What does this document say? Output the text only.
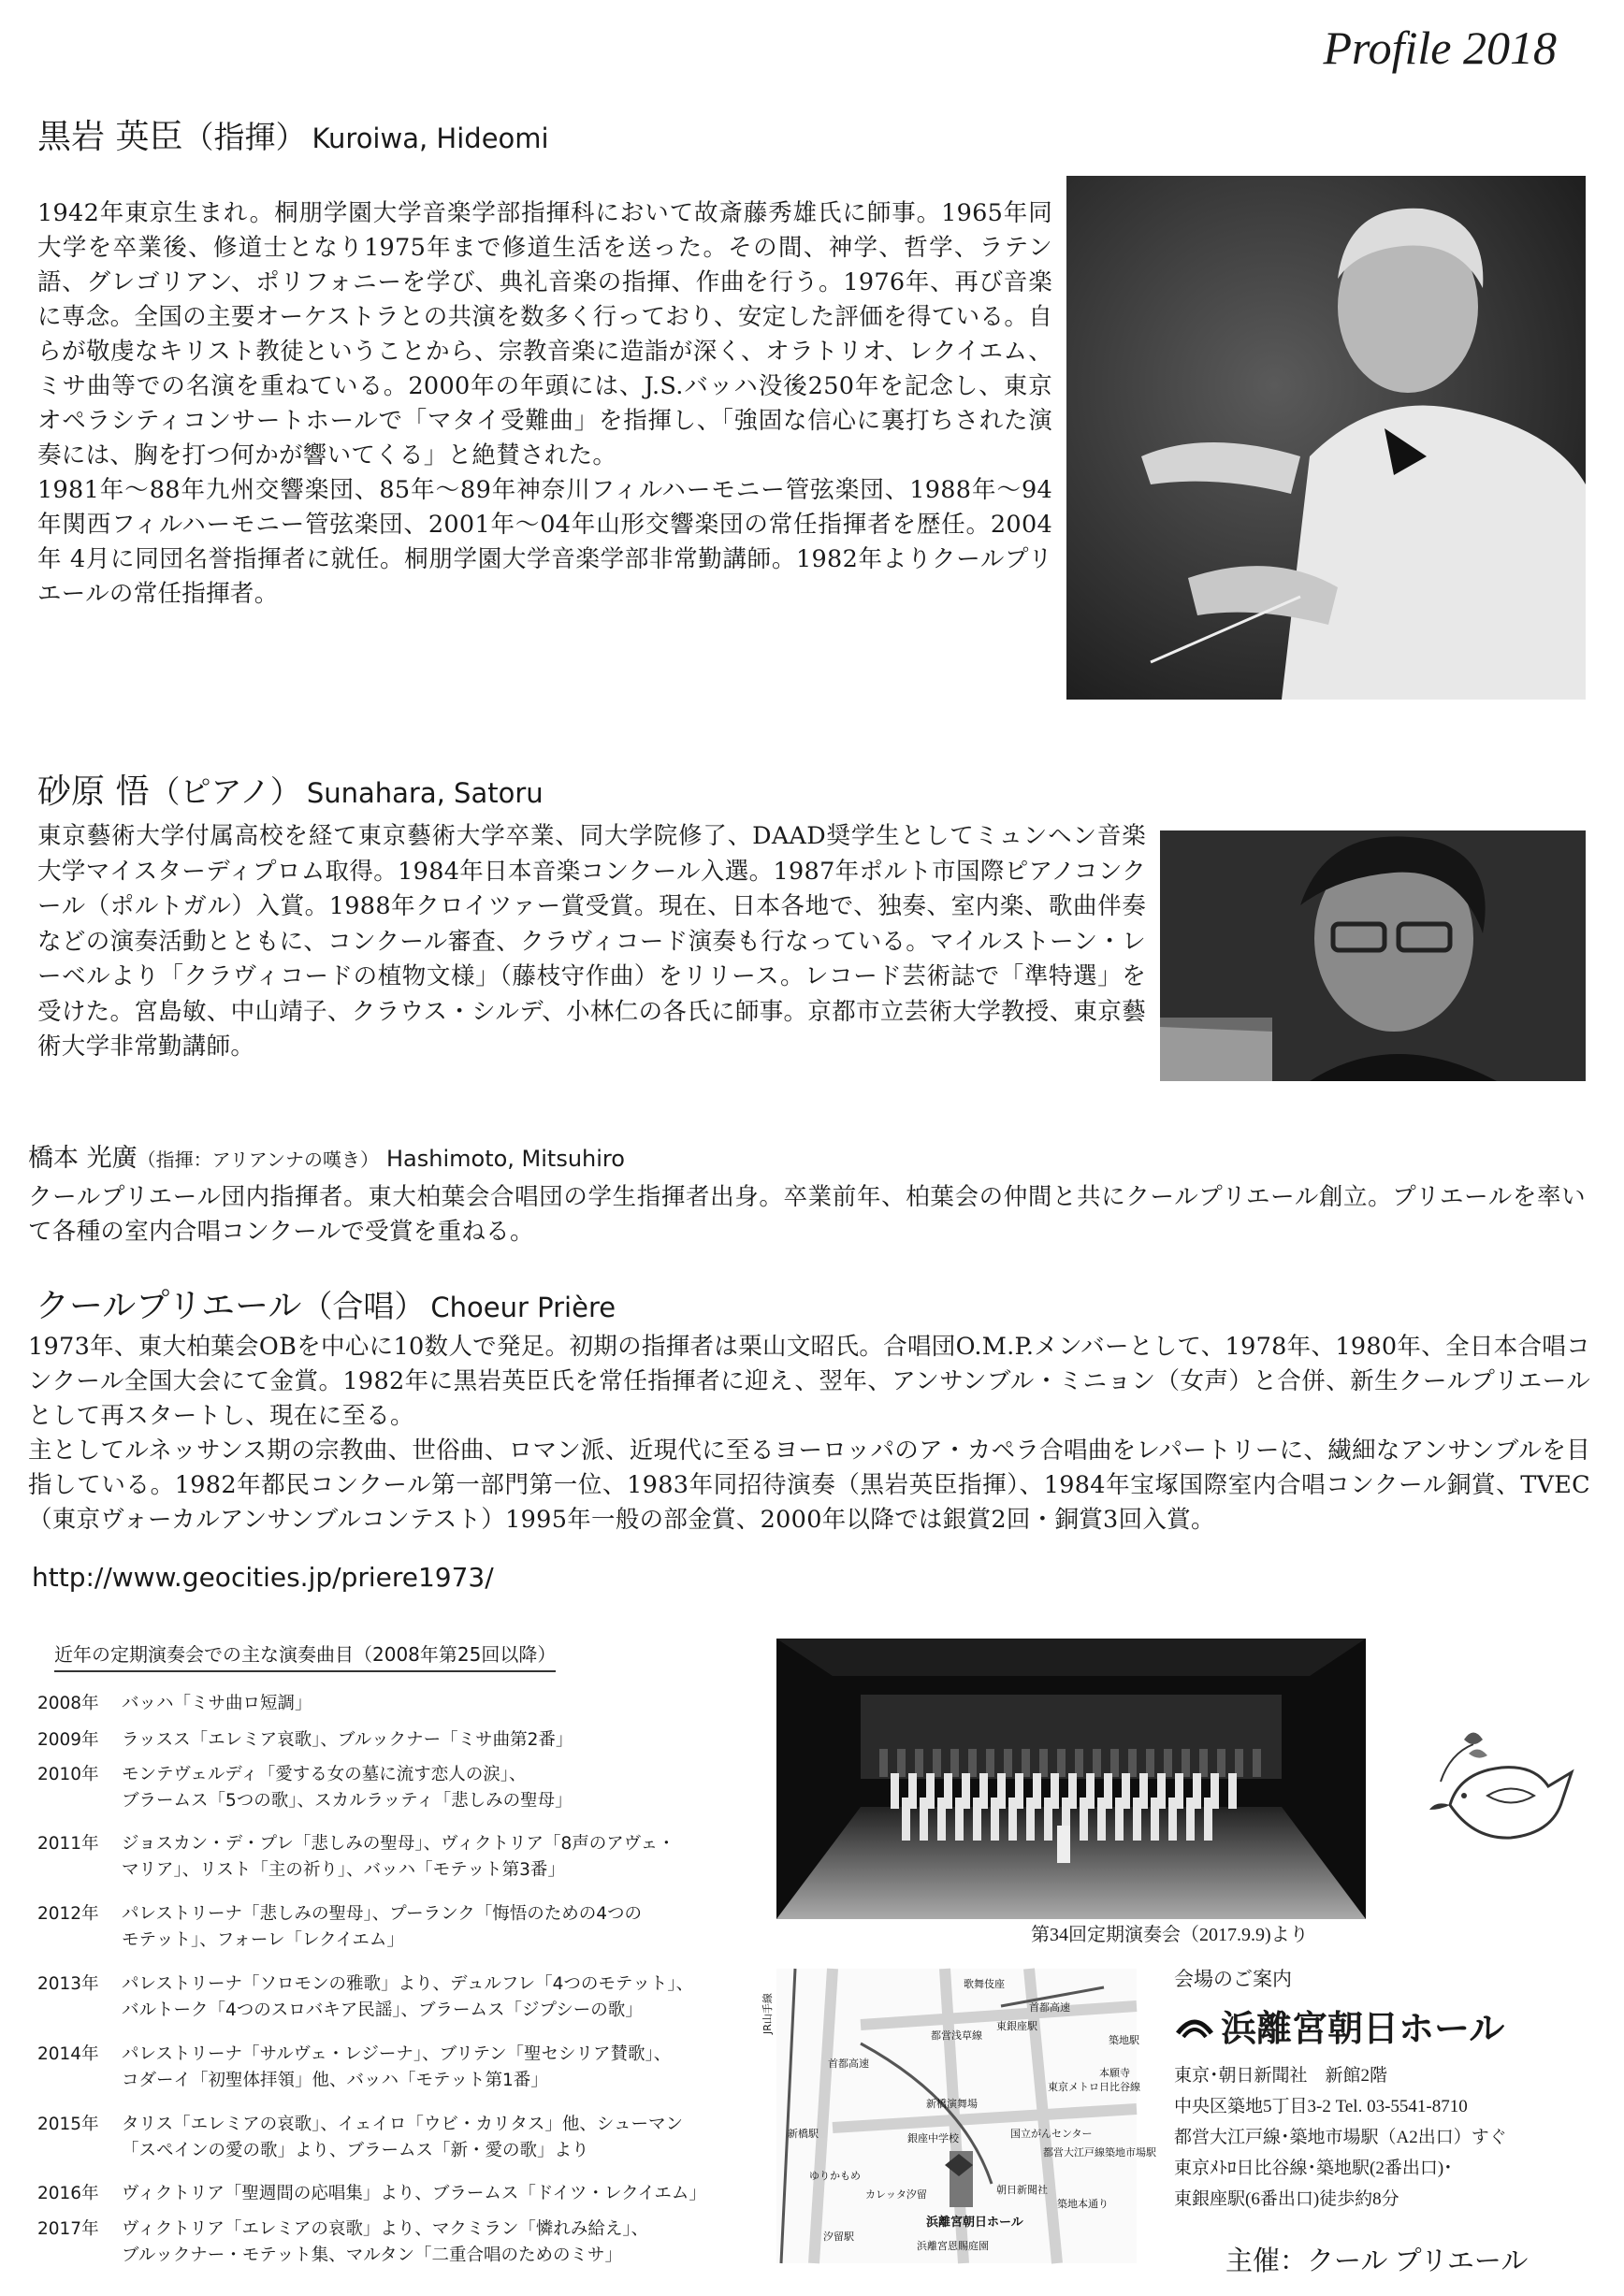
Profile 2018
黒岩 英臣（指揮） Kuroiwa, Hideomi

1942年東京生まれ。桐朋学園大学音楽学部指揮科において故斎藤秀雄氏に師事。1965年同大学を卒業後、修道士となり1975年まで修道生活を送った。その間、神学、哲学、ラテン語、グレゴリアン、ポリフォニーを学び、典礼音楽の指揮、作曲を行う。1976年、再び音楽に専念。全国の主要オーケストラとの共演を数多く行っており、安定した評価を得ている。自らが敬虔なキリスト教徒ということから、宗教音楽に造詣が深く、オラトリオ、レクイエム、ミサ曲等での名演を重ねている。2000年の年頭には、J.S.バッハ没後250年を記念し、東京オペラシティコンサートホールで「マタイ受難曲」を指揮し、「強固な信心に裏打ちされた演奏には、胸を打つ何かが響いてくる」と絶賛された。

1981年～88年九州交響楽団、85年～89年神奈川フィルハーモニー管弦楽団、1988年～94年関西フィルハーモニー管弦楽団、2001年～04年山形交響楽団の常任指揮者を歴任。2004年 4月に同団名誉指揮者に就任。桐朋学園大学音楽学部非常勤講師。1982年よりクールプリエールの常任指揮者。

砂原 悟（ピアノ） Sunahara, Satoru

東京藝術大学付属高校を経て東京藝術大学卒業、同大学院修了、DAAD奨学生としてミュンヘン音楽大学マイスターディプロム取得。1984年日本音楽コンクール入選。1987年ポルト市国際ピアノコンクール（ポルトガル）入賞。1988年クロイツァー賞受賞。現在、日本各地で、独奏、室内楽、歌曲伴奏などの演奏活動とともに、コンクール審査、クラヴィコード演奏も行なっている。マイルストーン・レーベルより「クラヴィコードの植物文様」（藤枝守作曲）をリリース。レコード芸術誌で「準特選」を受けた。宮島敏、中山靖子、クラウス・シルデ、小林仁の各氏に師事。京都市立芸術大学教授、東京藝術大学非常勤講師。

橋本 光廣（指揮：アリアンナの嘆き） Hashimoto, Mitsuhiro

クールプリエール団内指揮者。東大柏葉会合唱団の学生指揮者出身。卒業前年、柏葉会の仲間と共にクールプリエール創立。プリエールを率いて各種の室内合唱コンクールで受賞を重ねる。

クールプリエール（合唱） Choeur Prière

1973年、東大柏葉会OBを中心に10数人で発足。初期の指揮者は栗山文昭氏。合唱団O.M.P.メンバーとして、1978年、1980年、全日本合唱コンクール全国大会にて金賞。1982年に黒岩英臣氏を常任指揮者に迎え、翌年、アンサンブル・ミニョン（女声）と合併、新生クールプリエールとして再スタートし、現在に至る。

主としてルネッサンス期の宗教曲、世俗曲、ロマン派、近現代に至るヨーロッパのア・カペラ合唱曲をレパートリーに、繊細なアンサンブルを目指している。1982年都民コンクール第一部門第一位、1983年同招待演奏（黒岩英臣指揮）、1984年宝塚国際室内合唱コンクール銅賞、TVEC（東京ヴォーカルアンサンブルコンテスト）1995年一般の部金賞、2000年以降では銀賞2回・銅賞3回入賞。

http://www.geocities.jp/priere1973/
近年の定期演奏会での主な演奏曲目（2008年第25回以降）
2008年 バッハ「ミサ曲ロ短調」
2009年 ラッスス「エレミア哀歌」、ブルックナー「ミサ曲第2番」
2010年 モンテヴェルディ「愛する女の墓に流す恋人の涙」、
ブラームス「5つの歌」、スカルラッティ「悲しみの聖母」
2011年 ジョスカン・デ・プレ「悲しみの聖母」、ヴィクトリア「8声のアヴェ・
マリア」、リスト「主の祈り」、バッハ「モテット第3番」
2012年 パレストリーナ「悲しみの聖母」、プーランク「悔悟のための4つの
モテット」、フォーレ「レクイエム」
2013年 パレストリーナ「ソロモンの雅歌」より、デュルフレ「4つのモテット」、
バルトーク「4つのスロバキア民謡」、ブラームス「ジプシーの歌」
2014年 パレストリーナ「サルヴェ・レジーナ」、ブリテン「聖セシリア賛歌」、
コダーイ「初聖体拝領」他、バッハ「モテット第1番」
2015年 タリス「エレミアの哀歌」、イェイロ「ウビ・カリタス」他、シューマン
「スペインの愛の歌」より、ブラームス「新・愛の歌」より
2016年 ヴィクトリア「聖週間の応唱集」より、ブラームス「ドイツ・レクイエム」
2017年 ヴィクトリア「エレミアの哀歌」より、マクミラン「憐れみ給え」、
ブルックナー・モテット集、マルタン「二重合唱のためのミサ」
第34回定期演奏会（2017.9.9)より
JR山手線
歌舞伎座
首都高速
首都高速
都営浅草線
東銀座駅
築地駅
本願寺
東京メトロ日比谷線
新橋駅
ゆりかもめ
新橋演舞場
銀座中学校	国立がんセンター
都営大江戸線築地市場駅
カレッタ汐留
汐留駅
浜離宮朝日ホール
朝日新聞社
浜離宮恩賜庭園
築地本通り
会場のご案内
浜離宮朝日ホール
東京･朝日新聞社　新館2階
中央区築地5丁目3-2 Tel. 03-5541-8710
都営大江戸線･築地市場駅（A2出口）すぐ
東京ﾒﾄﾛ日比谷線･築地駅(2番出口)･
東銀座駅(6番出口)徒歩約8分
主催：クール プリエール
